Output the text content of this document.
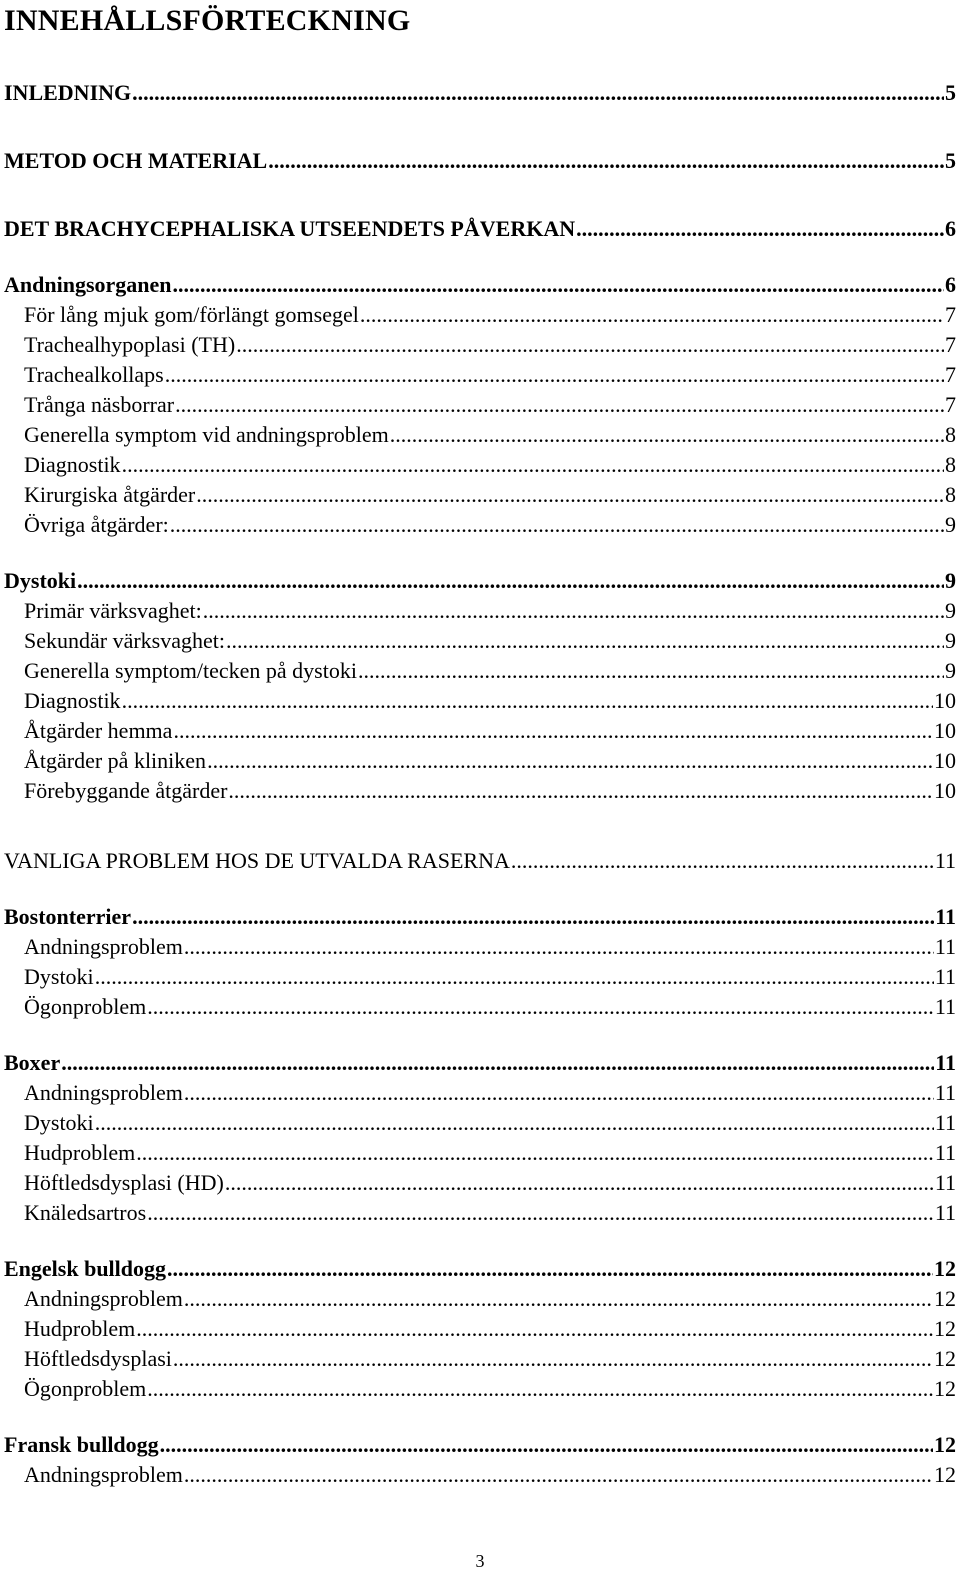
INNEHÅLLSFÖRTECKNING
INLEDNING .....	5
METOD OCH MATERIAL .....	5
DET BRACHYCEPHALISKA UTSEENDETS PÅVERKAN .....	6
Andningsorganen .....	6
För lång mjuk gom/förlängt gomsegel .....	7
Trachealhypoplasi (TH) .....	7
Trachealkollaps .....	7
Trånga näsborrar .....	7
Generella symptom vid andningsproblem .....	8
Diagnostik .....	8
Kirurgiska åtgärder .....	8
Övriga åtgärder: .....	9
Dystoki .....	9
Primär värksvaghet: .....	9
Sekundär värksvaghet: .....	9
Generella symptom/tecken på dystoki .....	9
Diagnostik .....	10
Åtgärder hemma .....	10
Åtgärder på kliniken .....	10
Förebyggande åtgärder .....	10
VANLIGA PROBLEM HOS DE UTVALDA RASERNA .....	11
Bostonterrier .....	11
Andningsproblem .....	11
Dystoki .....	11
Ögonproblem .....	11
Boxer .....	11
Andningsproblem .....	11
Dystoki .....	11
Hudproblem .....	11
Höftledsdysplasi (HD) .....	11
Knäledsartros .....	11
Engelsk bulldogg .....	12
Andningsproblem .....	12
Hudproblem .....	12
Höftledsdysplasi .....	12
Ögonproblem .....	12
Fransk bulldogg .....	12
Andningsproblem .....	12
3
